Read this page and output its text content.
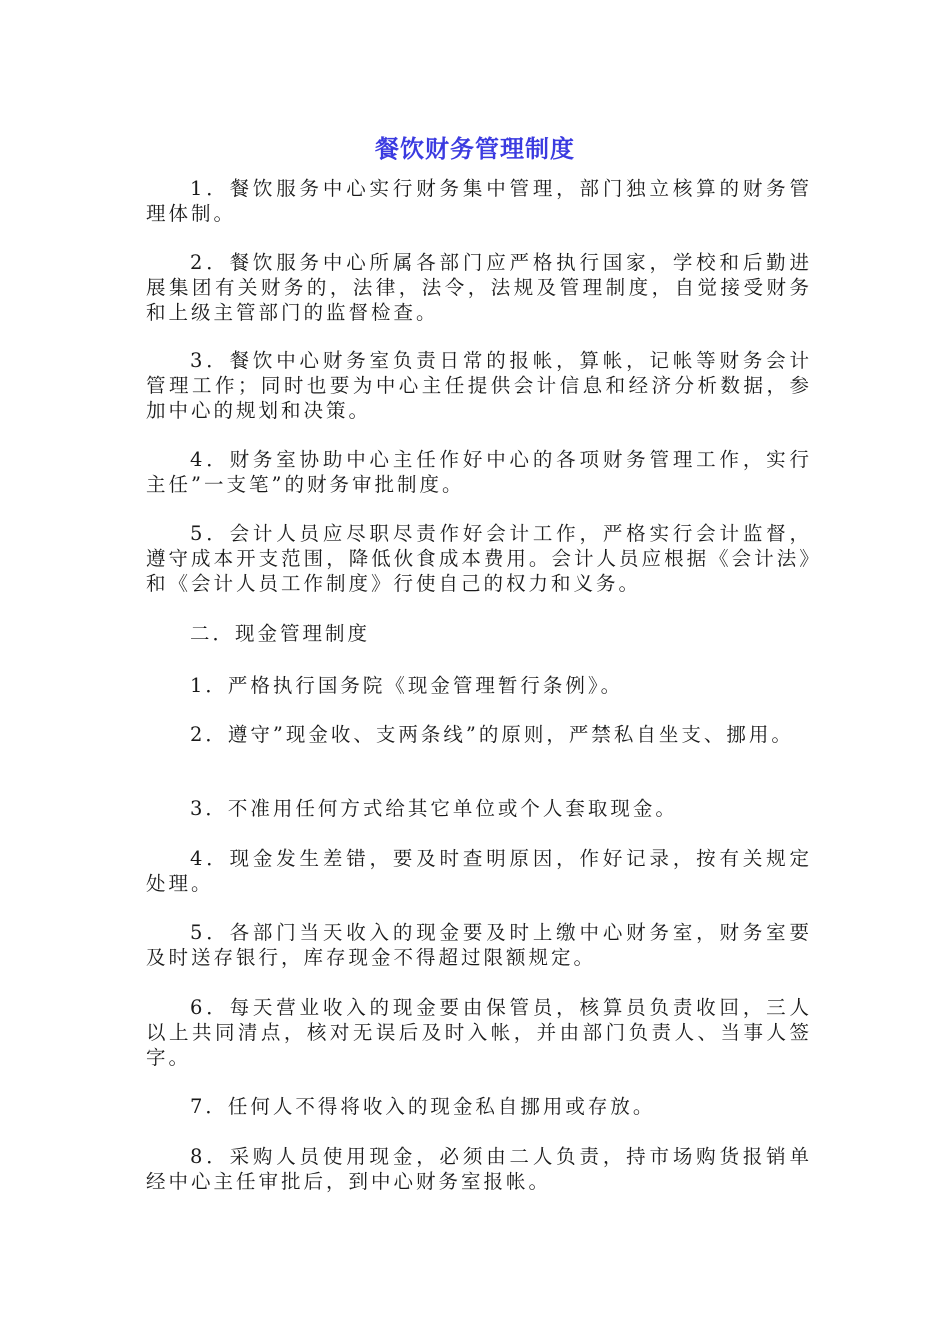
餐饮财务管理制度

1．餐饮服务中心实行财务集中管理，部门独立核算的财务管理体制。

2．餐饮服务中心所属各部门应严格执行国家，学校和后勤进展集团有关财务的，法律，法令，法规及管理制度，自觉接受财务和上级主管部门的监督检查。

3．餐饮中心财务室负责日常的报帐，算帐，记帐等财务会计管理工作；同时也要为中心主任提供会计信息和经济分析数据，参加中心的规划和决策。

4．财务室协助中心主任作好中心的各项财务管理工作，实行主任”一支笔”的财务审批制度。

5．会计人员应尽职尽责作好会计工作，严格实行会计监督，遵守成本开支范围，降低伙食成本费用。会计人员应根据《会计法》和《会计人员工作制度》行使自己的权力和义务。

二．现金管理制度

1．严格执行国务院《现金管理暂行条例》。

2．遵守”现金收、支两条线”的原则，严禁私自坐支、挪用。

3．不准用任何方式给其它单位或个人套取现金。

4．现金发生差错，要及时查明原因，作好记录，按有关规定处理。

5．各部门当天收入的现金要及时上缴中心财务室，财务室要及时送存银行，库存现金不得超过限额规定。

6．每天营业收入的现金要由保管员，核算员负责收回，三人以上共同清点，核对无误后及时入帐，并由部门负责人、当事人签字。

7．任何人不得将收入的现金私自挪用或存放。

8．采购人员使用现金，必须由二人负责，持市场购货报销单经中心主任审批后，到中心财务室报帐。
